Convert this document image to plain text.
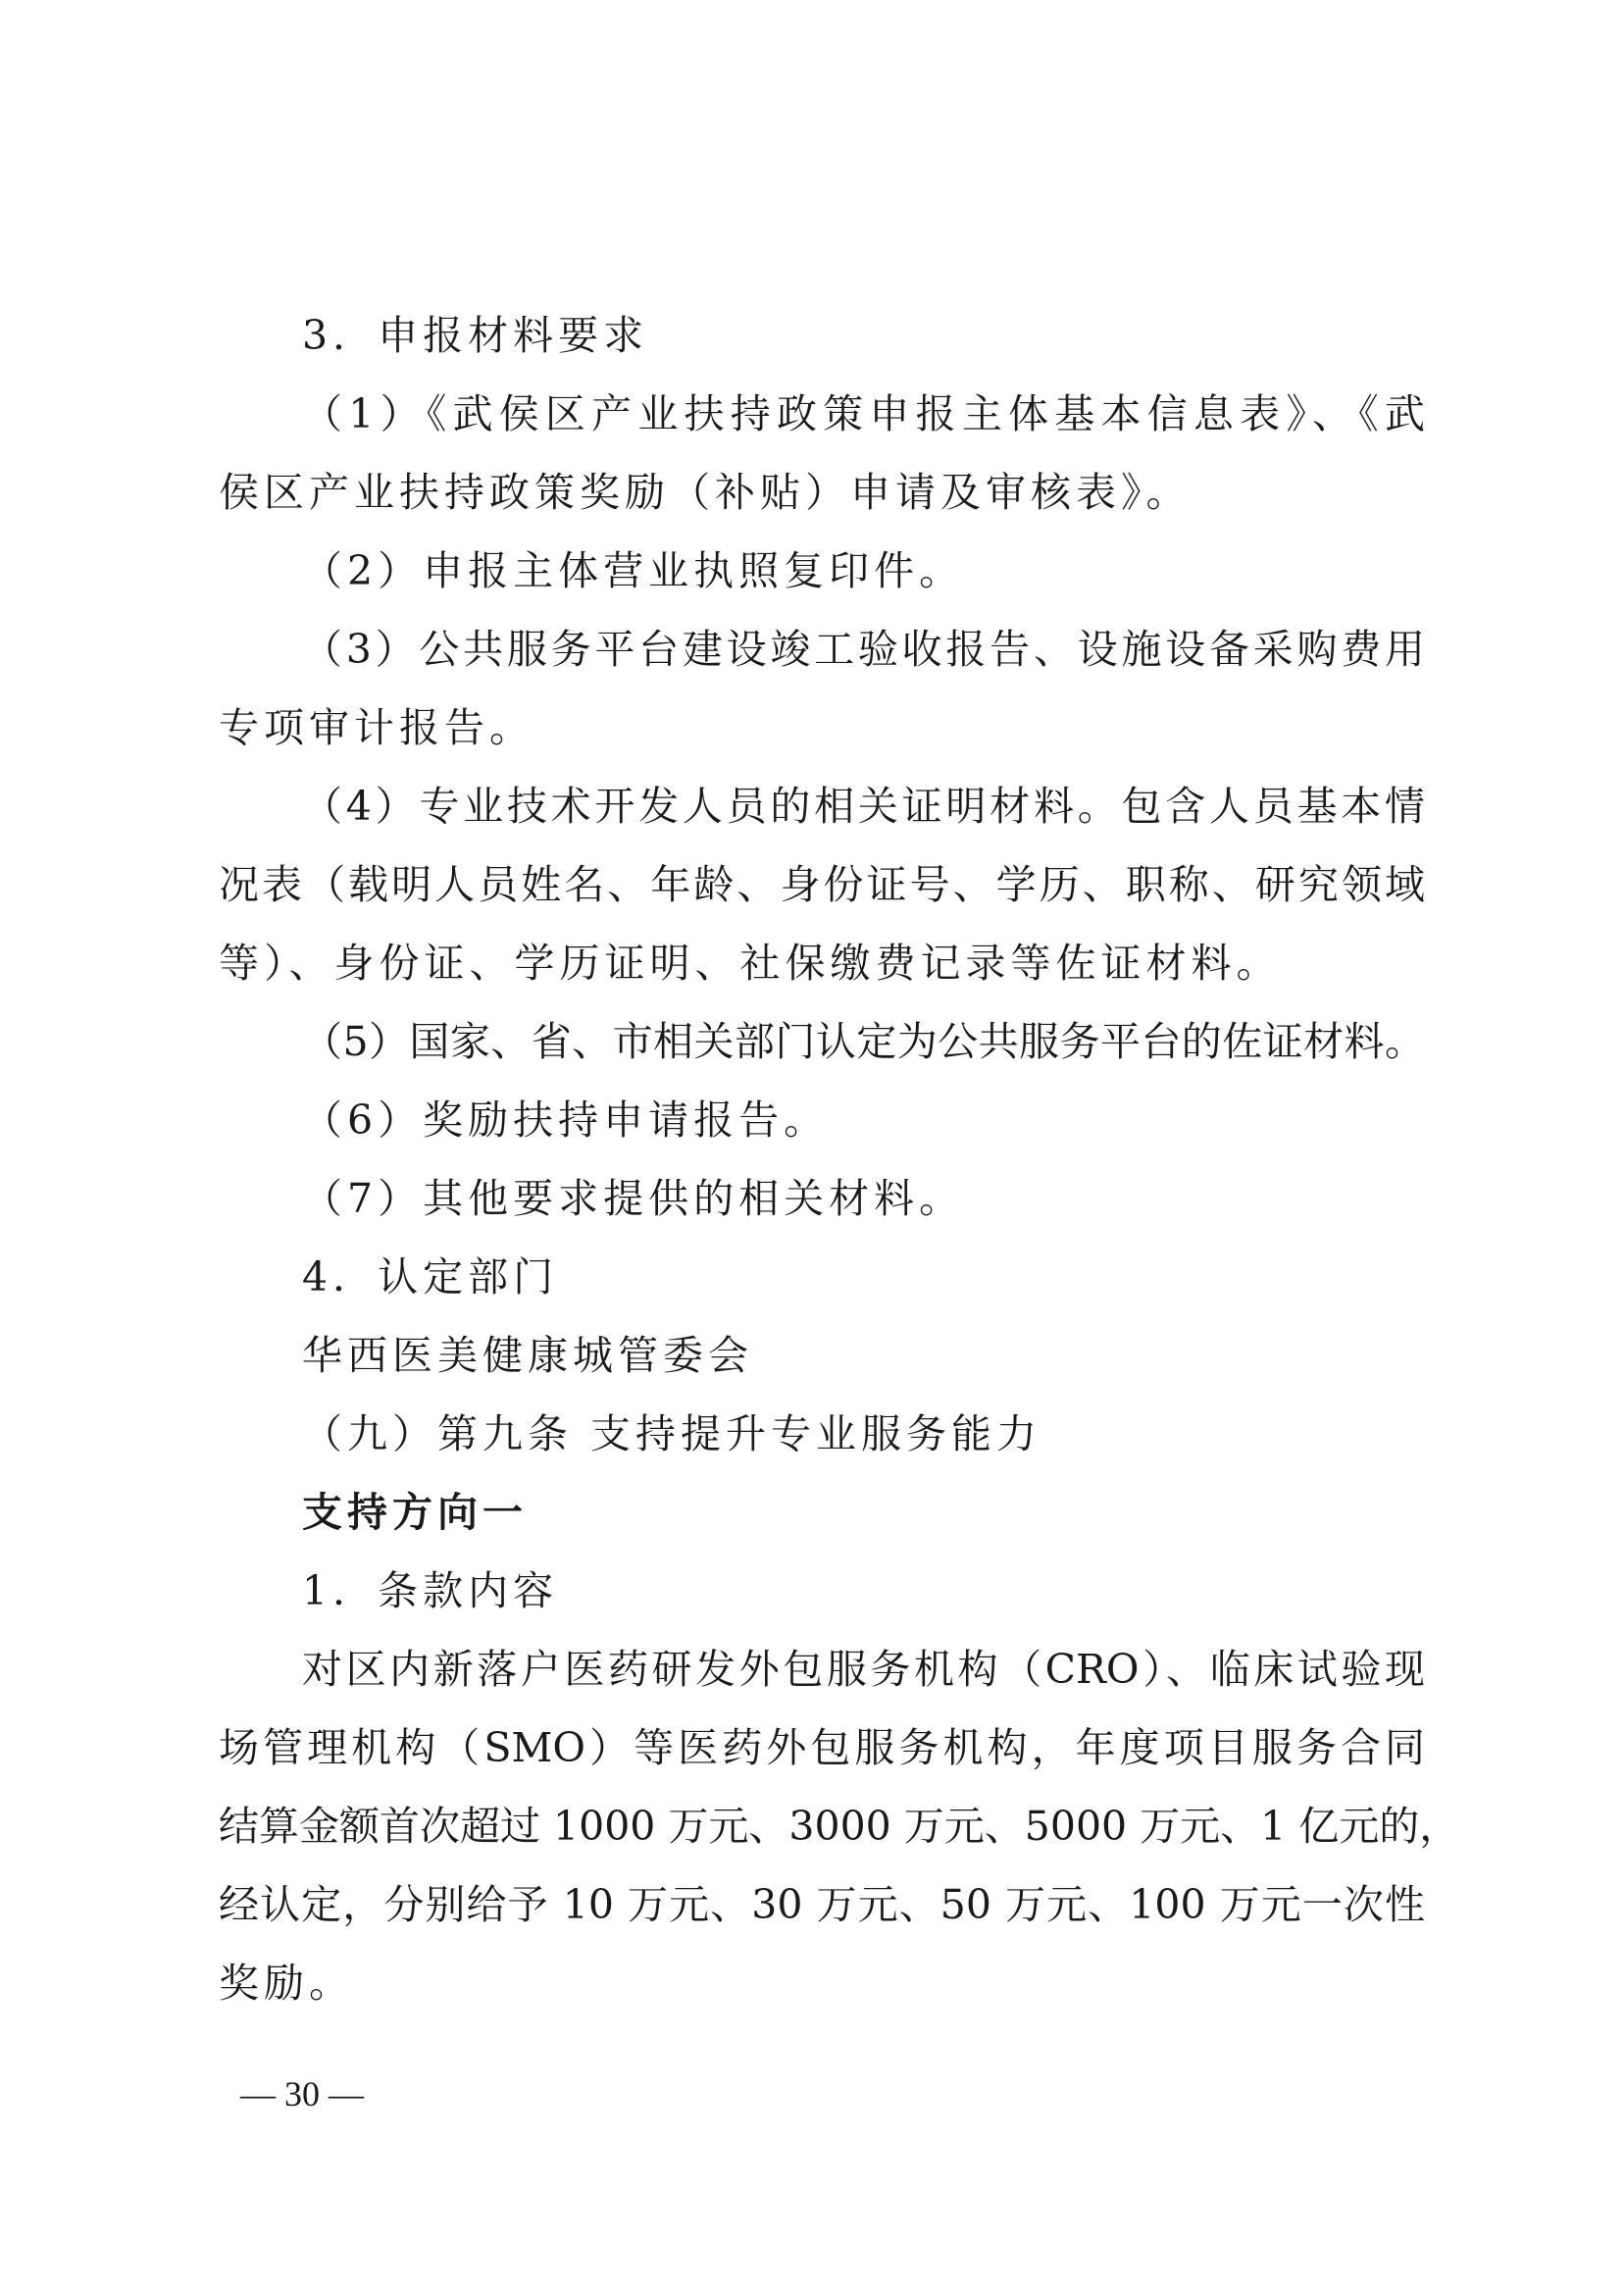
3．申报材料要求
（1）《武侯区产业扶持政策申报主体基本信息表》、《武
侯区产业扶持政策奖励（补贴）申请及审核表》。
（2）申报主体营业执照复印件。
（3）公共服务平台建设竣工验收报告、设施设备采购费用
专项审计报告。
（4）专业技术开发人员的相关证明材料。包含人员基本情
况表（载明人员姓名、年龄、身份证号、学历、职称、研究领域
等）、身份证、学历证明、社保缴费记录等佐证材料。
（5）国家、省、市相关部门认定为公共服务平台的佐证材料。
（6）奖励扶持申请报告。
（7）其他要求提供的相关材料。
4．认定部门
华西医美健康城管委会
（九）第九条 支持提升专业服务能力
支持方向一
1．条款内容
对区内新落户医药研发外包服务机构（CRO）、临床试验现
场管理机构（SMO）等医药外包服务机构，年度项目服务合同
结算金额首次超过 1000 万元、3000 万元、5000 万元、1 亿元的，
经认定，分别给予 10 万元、30 万元、50 万元、100 万元一次性
奖励。
— 30 —
